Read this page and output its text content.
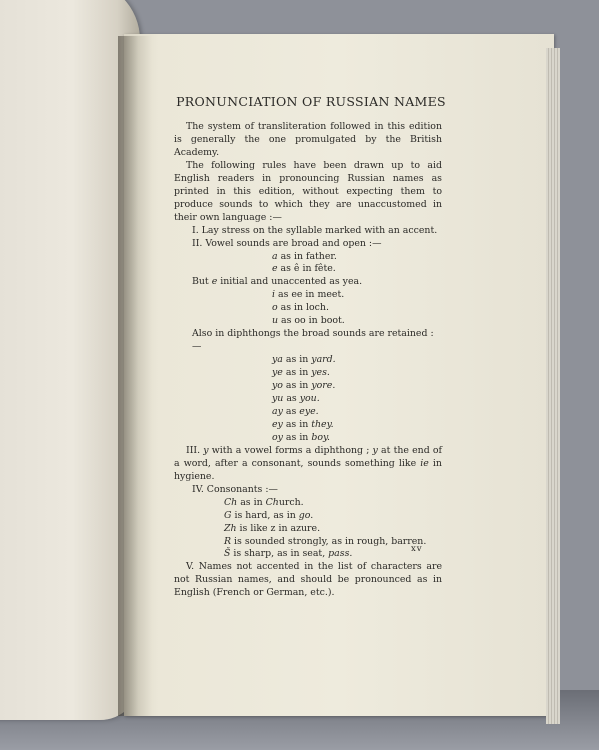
PRONUNCIATION OF RUSSIAN NAMES

The system of transliteration followed in this edition is generally the one promulgated by the British Academy.

The following rules have been drawn up to aid English readers in pronouncing Russian names as printed in this edition, without expecting them to produce sounds to which they are unaccustomed in their own language :—

I. Lay stress on the syllable marked with an accent.

II. Vowel sounds are broad and open :—

a as in father.

e as ê in fête.

But e initial and unaccented as yea.

i as ee in meet.

o as in loch.

u as oo in boot.

Also in diphthongs the broad sounds are retained :—

ya as in yard.

ye as in yes.

yo as in yore.

yu as you.

ay as eye.

ey as in they.

oy as in boy.

III. y with a vowel forms a diphthong ; y at the end of a word, after a consonant, sounds something like ie in hygiene.

IV. Consonants :—

Ch as in Church.

G is hard, as in go.

Zh is like z in azure.

R is sounded strongly, as in rough, barren.

Š is sharp, as in seat, pass.

V. Names not accented in the list of characters are not Russian names, and should be pronounced as in English (French or German, etc.).

xv
